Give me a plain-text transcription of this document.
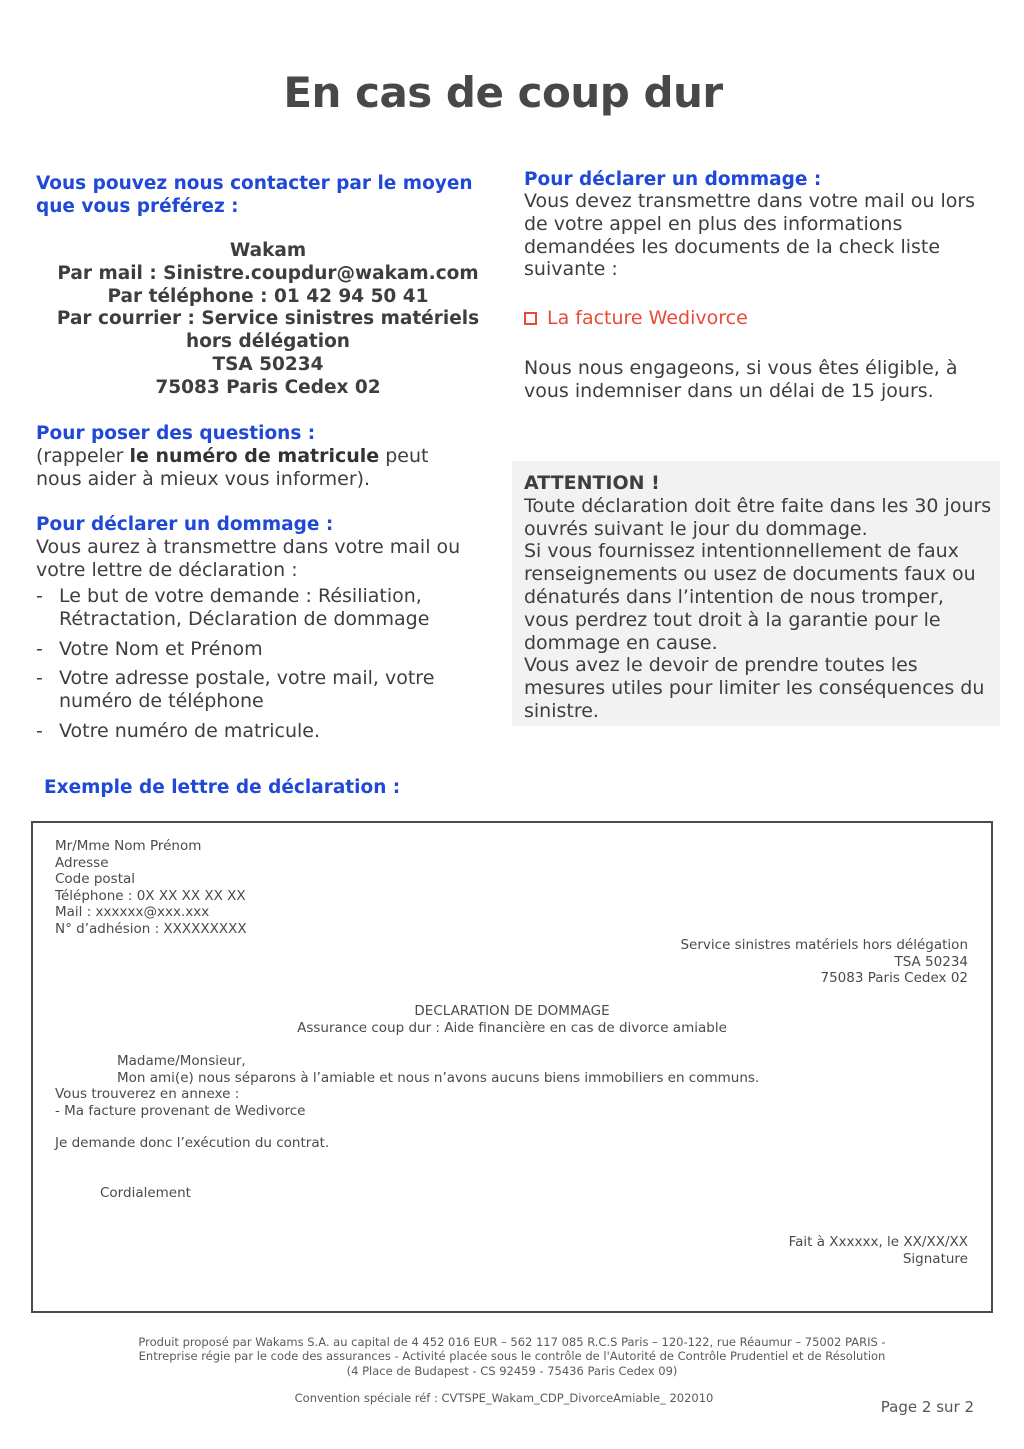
En cas de coup dur
Vous pouvez nous contacter par le moyen que vous préférez :
Wakam
Par mail : Sinistre.coupdur@wakam.com
Par téléphone : 01 42 94 50 41
Par courrier : Service sinistres matériels hors délégation
TSA 50234
75083 Paris Cedex 02
Pour poser des questions :
(rappeler le numéro de matricule peut nous aider à mieux vous informer).
Pour déclarer un dommage :
Vous aurez à transmettre dans votre mail ou votre lettre de déclaration :
- Le but de votre demande : Résiliation, Rétractation, Déclaration de dommage
- Votre Nom et Prénom
- Votre adresse postale, votre mail, votre numéro de téléphone
- Votre numéro de matricule.
Pour déclarer un dommage :
Vous devez transmettre dans votre mail ou lors de votre appel en plus des informations demandées les documents de la check liste suivante :
La facture Wedivorce
Nous nous engageons, si vous êtes éligible, à vous indemniser dans un délai de 15 jours.
ATTENTION !
Toute déclaration doit être faite dans les 30 jours ouvrés suivant le jour du dommage.
Si vous fournissez intentionnellement de faux renseignements ou usez de documents faux ou dénaturés dans l’intention de nous tromper, vous perdrez tout droit à la garantie pour le dommage en cause.
Vous avez le devoir de prendre toutes les mesures utiles pour limiter les conséquences du sinistre.
Exemple de lettre de déclaration :
Mr/Mme Nom Prénom
Adresse
Code postal
Téléphone : 0X XX XX XX XX
Mail : xxxxxx@xxx.xxx
N° d’adhésion : XXXXXXXXX
Service sinistres matériels hors délégation
TSA 50234
75083 Paris Cedex 02
DECLARATION DE DOMMAGE
Assurance coup dur : Aide financière en cas de divorce amiable
Madame/Monsieur,
Mon ami(e) nous séparons à l’amiable et nous n’avons aucuns biens immobiliers en communs.
Vous trouverez en annexe :
- Ma facture provenant de Wedivorce
Je demande donc l’exécution du contrat.
Cordialement
Fait à Xxxxxx, le XX/XX/XX
Signature
Produit proposé par Wakams S.A. au capital de 4 452 016 EUR – 562 117 085 R.C.S Paris – 120-122, rue Réaumur – 75002 PARIS -
Entreprise régie par le code des assurances - Activité placée sous le contrôle de l'Autorité de Contrôle Prudentiel et de Résolution
(4 Place de Budapest - CS 92459 - 75436 Paris Cedex 09)
Convention spéciale réf : CVTSPE_Wakam_CDP_DivorceAmiable_ 202010	Page 2 sur 2
